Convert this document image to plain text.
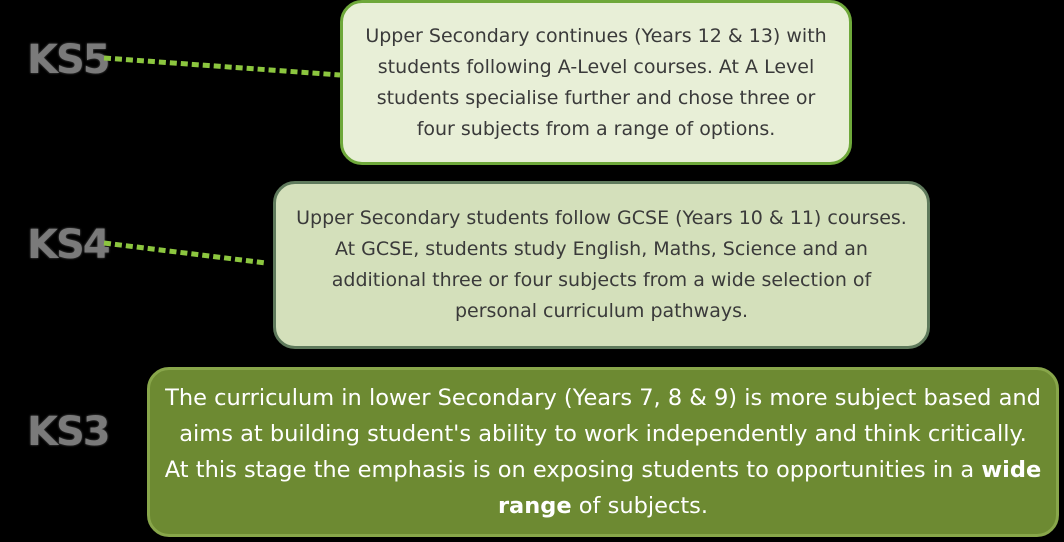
KS5
KS4
KS3

Upper Secondary continues (Years 12 & 13) with students following A-Level courses. At A Level students specialise further and chose three or four subjects from a range of options.

Upper Secondary students follow GCSE (Years 10 & 11) courses. At GCSE, students study English, Maths, Science and an additional three or four subjects from a wide selection of personal curriculum pathways.

The curriculum in lower Secondary (Years 7, 8 & 9) is more subject based and aims at building student's ability to work independently and think critically. At this stage the emphasis is on exposing students to opportunities in a wide range of subjects.
